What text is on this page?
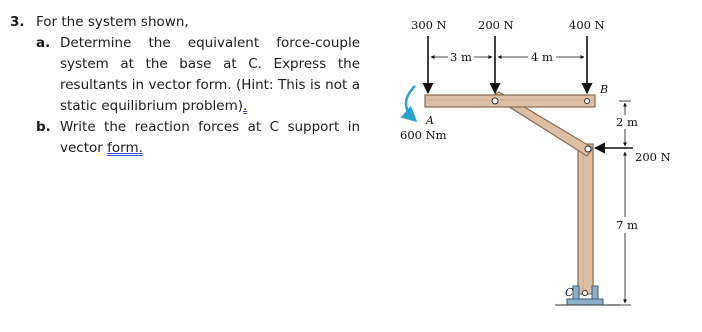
3. For the system shown,
a. Determine the equivalent force-couple system at the base at C. Express the resultants in vector form. (Hint: This is not a static equilibrium problem).
b. Write the reaction forces at C support in vector form.
300 N	200 N	400 N
200 N
600 Nm
3 m	4 m
2 m
7 m
A
B
C
